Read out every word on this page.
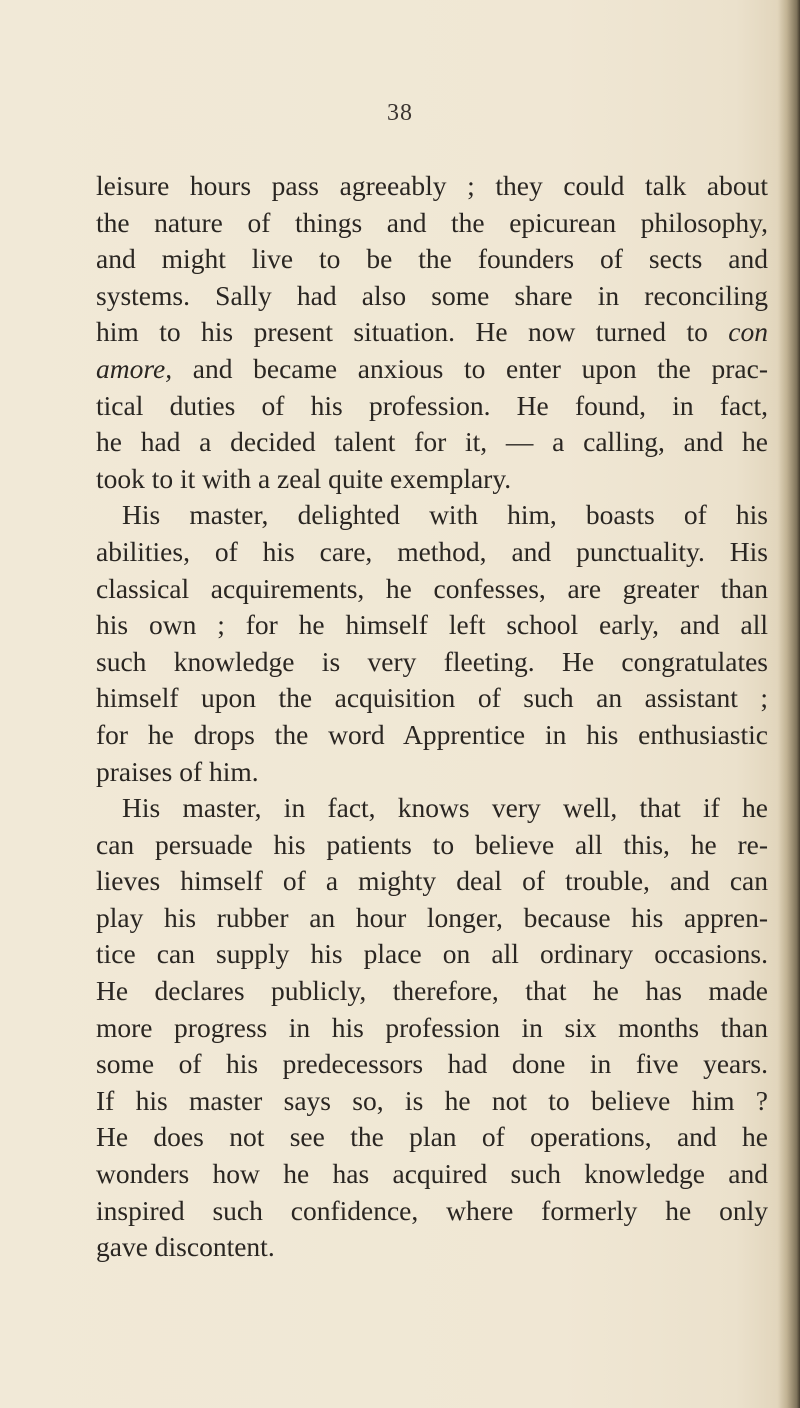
38
leisure hours pass agreeably ; they could talk about
the nature of things and the epicurean philosophy,
and might live to be the founders of sects and
systems. Sally had also some share in reconciling
him to his present situation. He now turned to con
amore, and became anxious to enter upon the prac-
tical duties of his profession. He found, in fact,
he had a decided talent for it, — a calling, and he
took to it with a zeal quite exemplary.
His master, delighted with him, boasts of his
abilities, of his care, method, and punctuality. His
classical acquirements, he confesses, are greater than
his own ; for he himself left school early, and all
such knowledge is very fleeting. He congratulates
himself upon the acquisition of such an assistant ;
for he drops the word Apprentice in his enthusiastic
praises of him.
His master, in fact, knows very well, that if he
can persuade his patients to believe all this, he re-
lieves himself of a mighty deal of trouble, and can
play his rubber an hour longer, because his appren-
tice can supply his place on all ordinary occasions.
He declares publicly, therefore, that he has made
more progress in his profession in six months than
some of his predecessors had done in five years.
If his master says so, is he not to believe him ?
He does not see the plan of operations, and he
wonders how he has acquired such knowledge and
inspired such confidence, where formerly he only
gave discontent.
